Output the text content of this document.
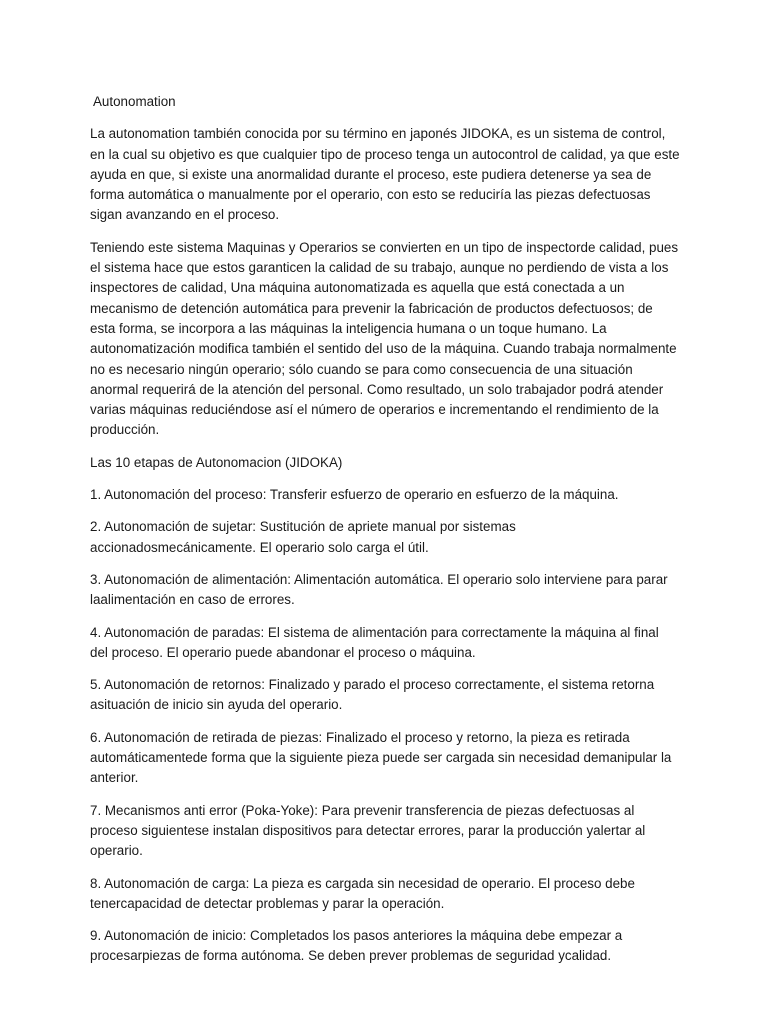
Autonomation

La autonomation también conocida por su término en japonés JIDOKA, es un sistema de control, en la cual su objetivo es que cualquier tipo de proceso tenga un autocontrol de calidad, ya que este ayuda en que, si existe una anormalidad durante el proceso, este pudiera detenerse ya sea de forma automática o manualmente por el operario, con esto se reduciría las piezas defectuosas sigan avanzando en el proceso.

Teniendo este sistema Maquinas y Operarios se convierten en un tipo de inspectorde calidad, pues el sistema hace que estos garanticen la calidad de su trabajo, aunque no perdiendo de vista a los inspectores de calidad, Una máquina autonomatizada es aquella que está conectada a un mecanismo de detención automática para prevenir la fabricación de productos defectuosos; de esta forma, se incorpora a las máquinas la inteligencia humana o un toque humano. La autonomatización modifica también el sentido del uso de la máquina. Cuando trabaja normalmente no es necesario ningún operario; sólo cuando se para como consecuencia de una situación anormal requerirá de la atención del personal. Como resultado, un solo trabajador podrá atender varias máquinas reduciéndose así el número de operarios e incrementando el rendimiento de la producción.

Las 10 etapas de Autonomacion (JIDOKA)

1. Autonomación del proceso: Transferir esfuerzo de operario en esfuerzo de la máquina.

2. Autonomación de sujetar: Sustitución de apriete manual por sistemas accionadosmecánicamente. El operario solo carga el útil.

3. Autonomación de alimentación: Alimentación automática. El operario solo interviene para parar laalimentación en caso de errores.

4. Autonomación de paradas: El sistema de alimentación para correctamente la máquina al final del proceso. El operario puede abandonar el proceso o máquina.

5. Autonomación de retornos: Finalizado y parado el proceso correctamente, el sistema retorna asituación de inicio sin ayuda del operario.

6. Autonomación de retirada de piezas: Finalizado el proceso y retorno, la pieza es retirada automáticamentede forma que la siguiente pieza puede ser cargada sin necesidad demanipular la anterior.

7. Mecanismos anti error (Poka-Yoke): Para prevenir transferencia de piezas defectuosas al proceso siguientese instalan dispositivos para detectar errores, parar la producción yalertar al operario.

8. Autonomación de carga: La pieza es cargada sin necesidad de operario. El proceso debe tenercapacidad de detectar problemas y parar la operación.

9. Autonomación de inicio: Completados los pasos anteriores la máquina debe empezar a procesarpiezas de forma autónoma. Se deben prever problemas de seguridad ycalidad.
